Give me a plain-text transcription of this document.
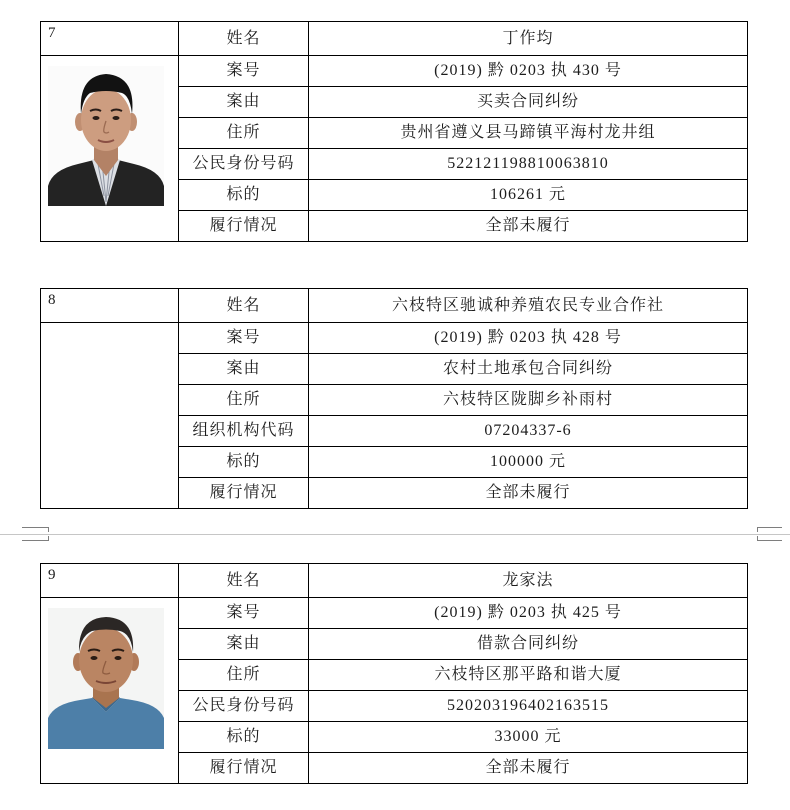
7	姓名	丁作均

	案号	(2019) 黔 0203 执 430 号
	案由	买卖合同纠纷
	住所	贵州省遵义县马蹄镇平海村龙井组
	公民身份号码	522121198810063810
	标的	106261 元
	履行情况	全部未履行
8	姓名	六枝特区驰诚种养殖农民专业合作社
	案号	(2019) 黔 0203 执 428 号
	案由	农村土地承包合同纠纷
	住所	六枝特区陇脚乡补雨村
	组织机构代码	07204337-6
	标的	100000 元
	履行情况	全部未履行
9	姓名	龙家法

	案号	(2019) 黔 0203 执 425 号
	案由	借款合同纠纷
	住所	六枝特区那平路和谐大厦
	公民身份号码	520203196402163515
	标的	33000 元
	履行情况	全部未履行
